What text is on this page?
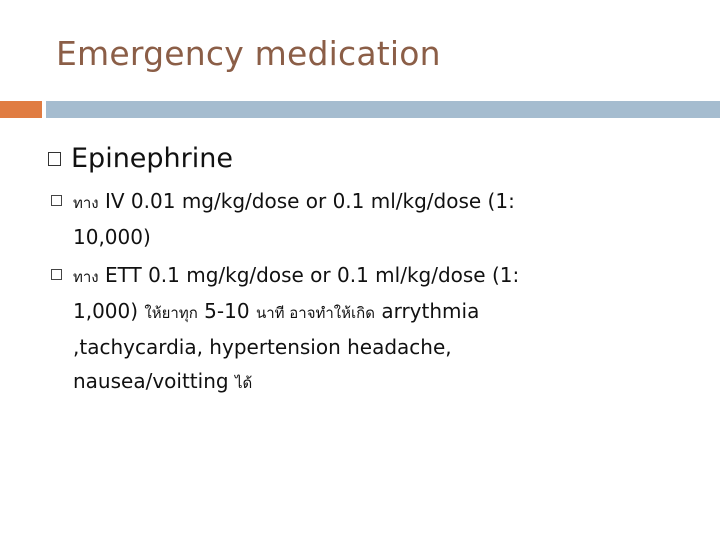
Emergency medication
Epinephrine
ทาง IV 0.01 mg/kg/dose or 0.1 ml/kg/dose (1:
10,000)
ทาง ETT 0.1 mg/kg/dose or 0.1 ml/kg/dose (1:
1,000) ให้ยาทุก 5-10 นาที อาจทำให้เกิด arrythmia
,tachycardia, hypertension headache,
nausea/voitting ได้
